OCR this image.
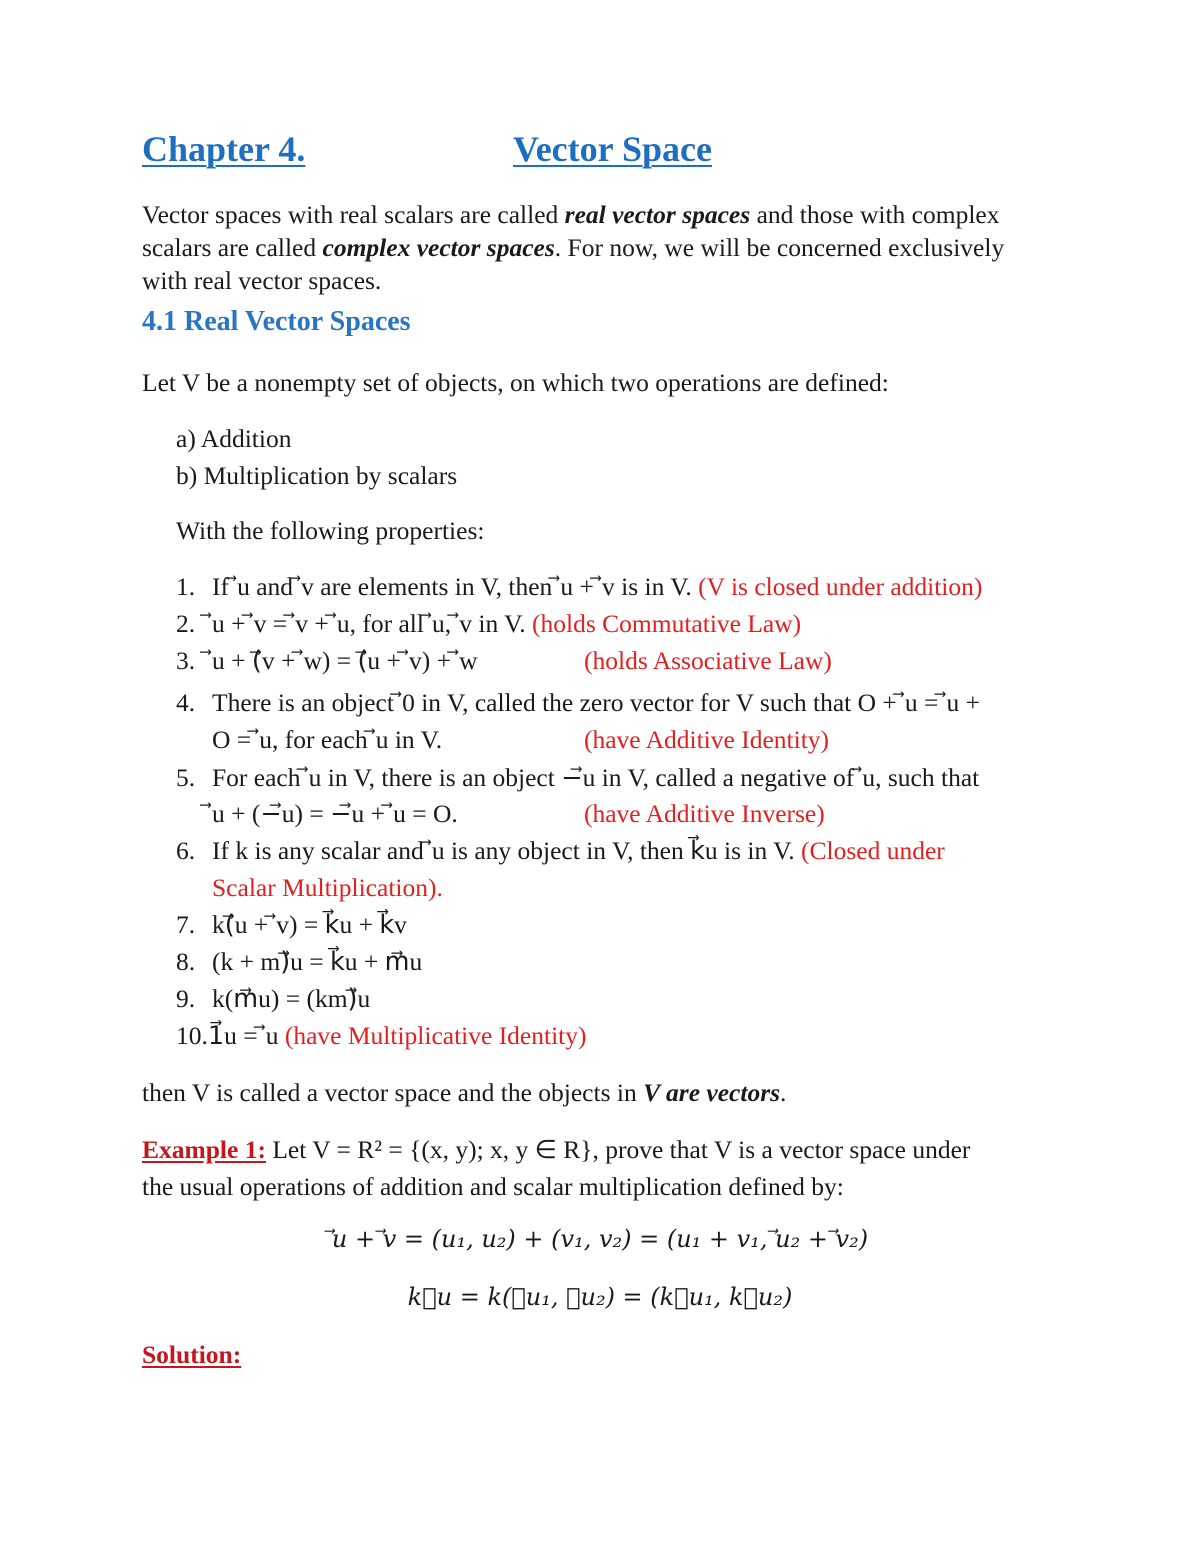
Chapter 4.	Vector Space
Vector spaces with real scalars are called real vector spaces and those with complex
scalars are called complex vector spaces. For now, we will be concerned exclusively
with real vector spaces.
4.1 Real Vector Spaces
Let V be a nonempty set of objects, on which two operations are defined:
a) Addition
b) Multiplication by scalars
With the following properties:
1. If ⃗u and ⃗v are elements in V, then ⃗u + ⃗v is in V. (V is closed under addition)
2. ⃗u + ⃗v = ⃗v + ⃗u, for all ⃗u, ⃗v in V. (holds Commutative Law)
3. ⃗u + (⃗v + ⃗w) = (⃗u + ⃗v) + ⃗w	(holds Associative Law)
4. There is an object ⃗0 in V, called the zero vector for V such that O + ⃗u = ⃗u +
O = ⃗u, for each ⃗u in V.	(have Additive Identity)
5. For each ⃗u in V, there is an object −⃗u in V, called a negative of ⃗u, such that
⃗u + (−⃗u) = −⃗u + ⃗u = O.	(have Additive Inverse)
6. If k is any scalar and ⃗u is any object in V, then k⃗u is in V. (Closed under
Scalar Multiplication).
7. k(⃗u + ⃗v) = k⃗u + k⃗v
8. (k + m)⃗u = k⃗u + m⃗u
9. k(m⃗u) = (km)⃗u
10.1⃗u = ⃗u (have Multiplicative Identity)
then V is called a vector space and the objects in V are vectors.
Example 1: Let V = R² = {(x, y); x, y ∈ R}, prove that V is a vector space under
the usual operations of addition and scalar multiplication defined by:
⃗u + ⃗v = (u₁, u₂) + (v₁, v₂) = (u₁ + v₁, ⃗u₂ + ⃗v₂)
k⃗u = k(⃗u₁, ⃗u₂) = (k⃗u₁, k⃗u₂)
Solution:
